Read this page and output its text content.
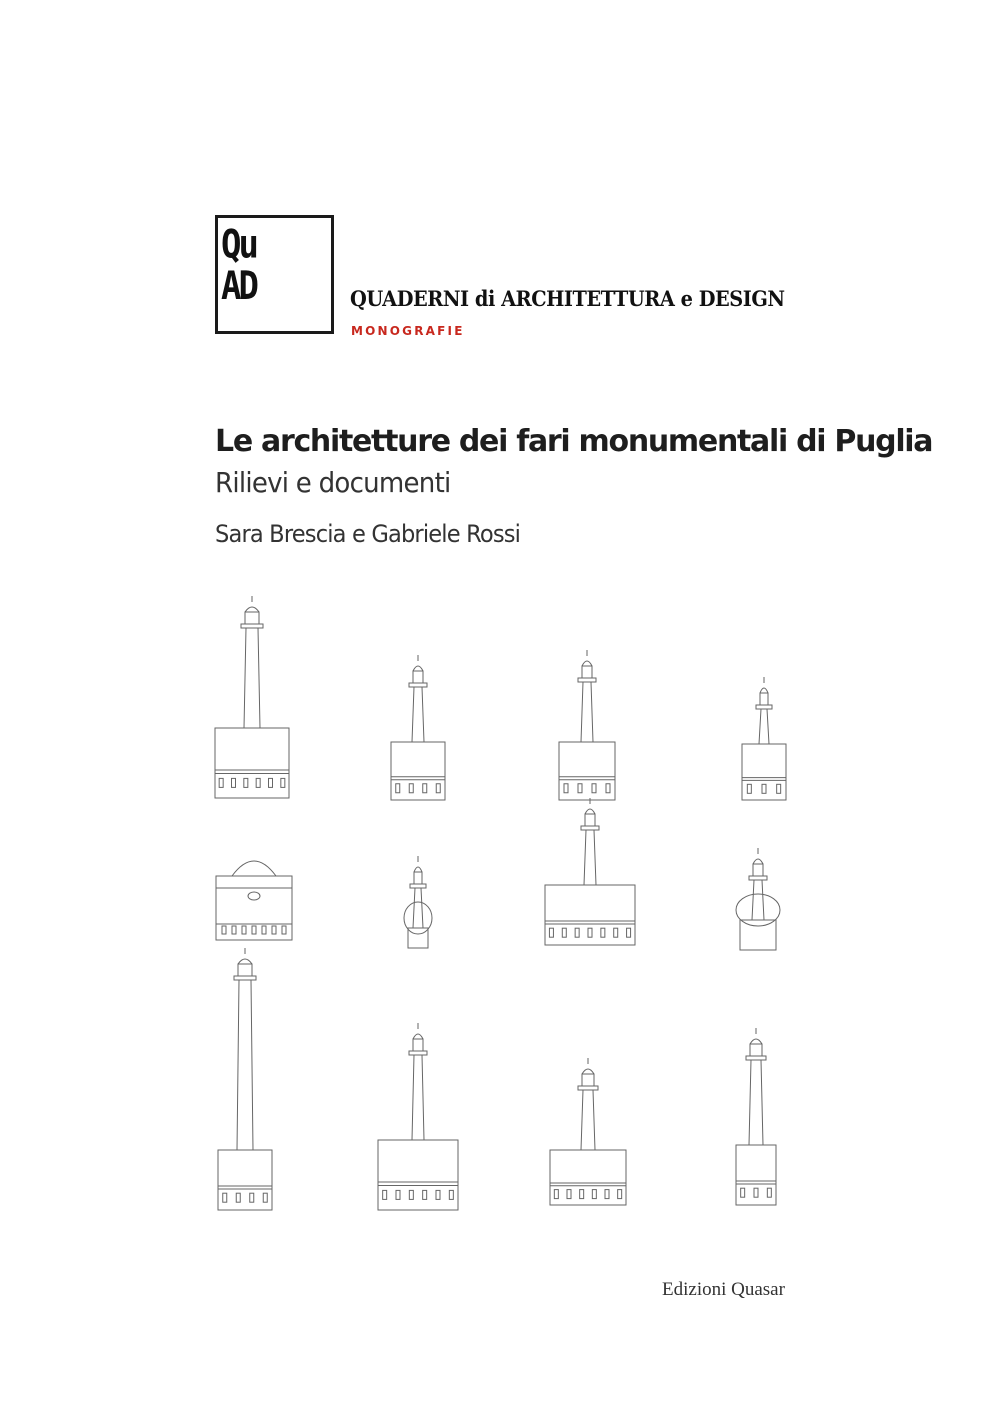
Qu
AD	QUADERNI di ARCHITETTURA e DESIGN
MONOGRAFIE
Le architetture dei fari monumentali di Puglia
Rilievi e documenti
Sara Brescia e Gabriele Rossi
Edizioni Quasar
